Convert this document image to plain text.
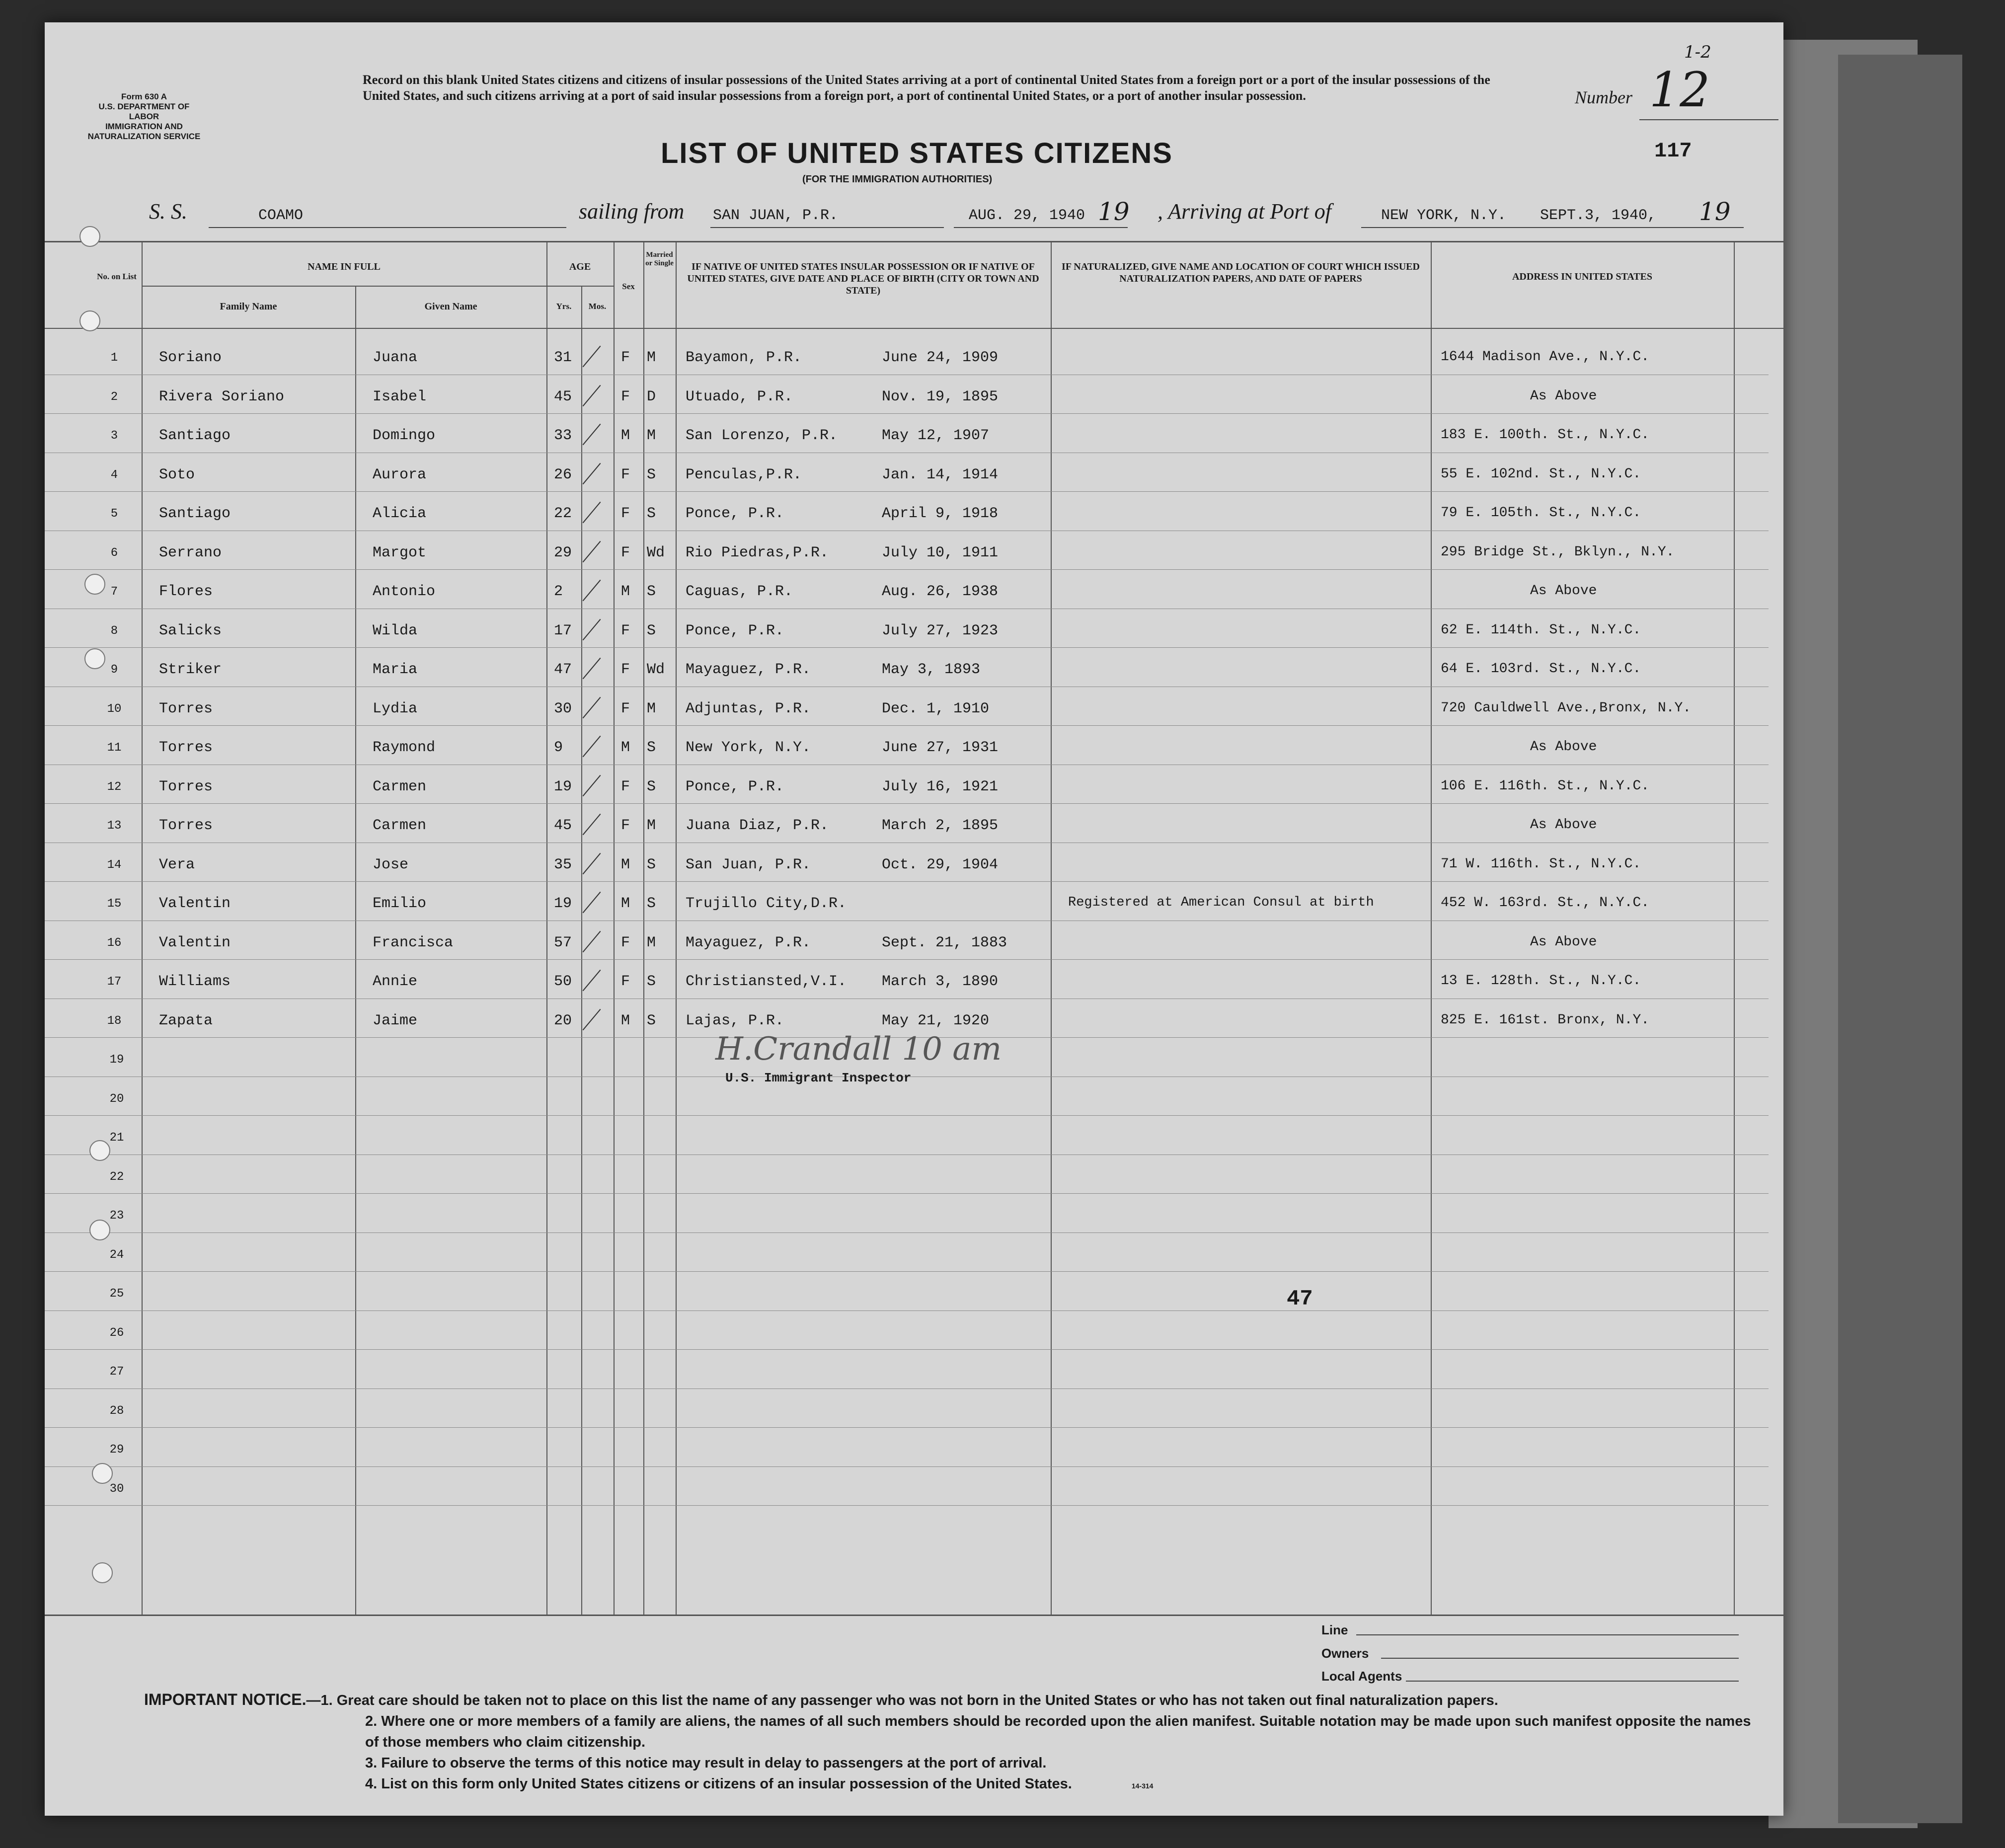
1-2
Form 630 A
U.S. DEPARTMENT OF LABOR
IMMIGRATION AND NATURALIZATION SERVICE
Record on this blank United States citizens and citizens of insular possessions of the United States arriving at a port of continental United States from a foreign port or a port of the insular possessions of the United States, and such citizens arriving at a port of said insular possessions from a foreign port, a port of continental United States, or a port of another insular possession.	Number 12
117
LIST OF UNITED STATES CITIZENS
(FOR THE IMMIGRATION AUTHORITIES)
S. S.	COAMO	sailing from SAN JUAN, P.R.	AUG. 29, 1940 19 , Arriving at Port of	NEW YORK, N.Y. SEPT.3, 1940, 19
No. on List
NAME IN FULL
Family Name	Given Name
AGE
Yrs.	Mos.
Sex
Married or Single	IF NATIVE OF UNITED STATES INSULAR POSSESSION OR IF NATIVE OF UNITED STATES, GIVE DATE AND PLACE OF BIRTH (CITY OR TOWN AND STATE)
IF NATURALIZED, GIVE NAME AND LOCATION OF COURT WHICH ISSUED NATURALIZATION PAPERS, AND DATE OF PAPERS	ADDRESS IN UNITED STATES
1	Soriano	Juana	31	F M Bayamon, P.R.	June 24, 1909	1644 Madison Ave., N.Y.C.
2	Rivera Soriano	Isabel	45	F D Utuado, P.R.	Nov. 19, 1895	As Above
3	Santiago	Domingo	33	M M San Lorenzo, P.R.	May 12, 1907	183 E. 100th. St., N.Y.C.
4	Soto	Aurora	26	F S Penculas,P.R.	Jan. 14, 1914	55 E. 102nd. St., N.Y.C.
5	Santiago	Alicia	22	F S Ponce, P.R.	April 9, 1918	79 E. 105th. St., N.Y.C.
6	Serrano	Margot	29	F Wd Rio Piedras,P.R.	July 10, 1911	295 Bridge St., Bklyn., N.Y.
7	Flores	Antonio	2	M S Caguas, P.R.	Aug. 26, 1938	As Above
8	Salicks	Wilda	17	F S Ponce, P.R.	July 27, 1923	62 E. 114th. St., N.Y.C.
9	Striker	Maria	47	F Wd Mayaguez, P.R.	May 3, 1893	64 E. 103rd. St., N.Y.C.
10	Torres	Lydia	30	F M Adjuntas, P.R.	Dec. 1, 1910	720 Cauldwell Ave.,Bronx, N.Y.
11	Torres	Raymond	9	M S New York, N.Y.	June 27, 1931	As Above
12	Torres	Carmen	19	F S Ponce, P.R.	July 16, 1921	106 E. 116th. St., N.Y.C.
13	Torres	Carmen	45	F M Juana Diaz, P.R.	March 2, 1895	As Above
14	Vera	Jose	35	M S San Juan, P.R.	Oct. 29, 1904	71 W. 116th. St., N.Y.C.
15	Valentin	Emilio	19	M S Trujillo City,D.R.	Registered at American Consul at birth	452 W. 163rd. St., N.Y.C.
16	Valentin	Francisca	57	F M Mayaguez, P.R.	Sept. 21, 1883	As Above
17	Williams	Annie	50	F S Christiansted,V.I. March 3, 1890	13 E. 128th. St., N.Y.C.
18	Zapata	Jaime	20	M S Lajas, P.R.	May 21, 1920	825 E. 161st. Bronx, N.Y.
19
20
21
22
23
24
25
26
27
28
29
30
H.Crandall 10 am
U.S. Immigrant Inspector
47
Line
Owners
Local Agents
IMPORTANT NOTICE.—1. Great care should be taken not to place on this list the name of any passenger who was not born in the United States or who has not taken out final naturalization papers.
2. Where one or more members of a family are aliens, the names of all such members should be recorded upon the alien manifest. Suitable notation may be made upon such manifest opposite the names of those members who claim citizenship.
3. Failure to observe the terms of this notice may result in delay to passengers at the port of arrival.
4. List on this form only United States citizens or citizens of an insular possession of the United States.	14-314
